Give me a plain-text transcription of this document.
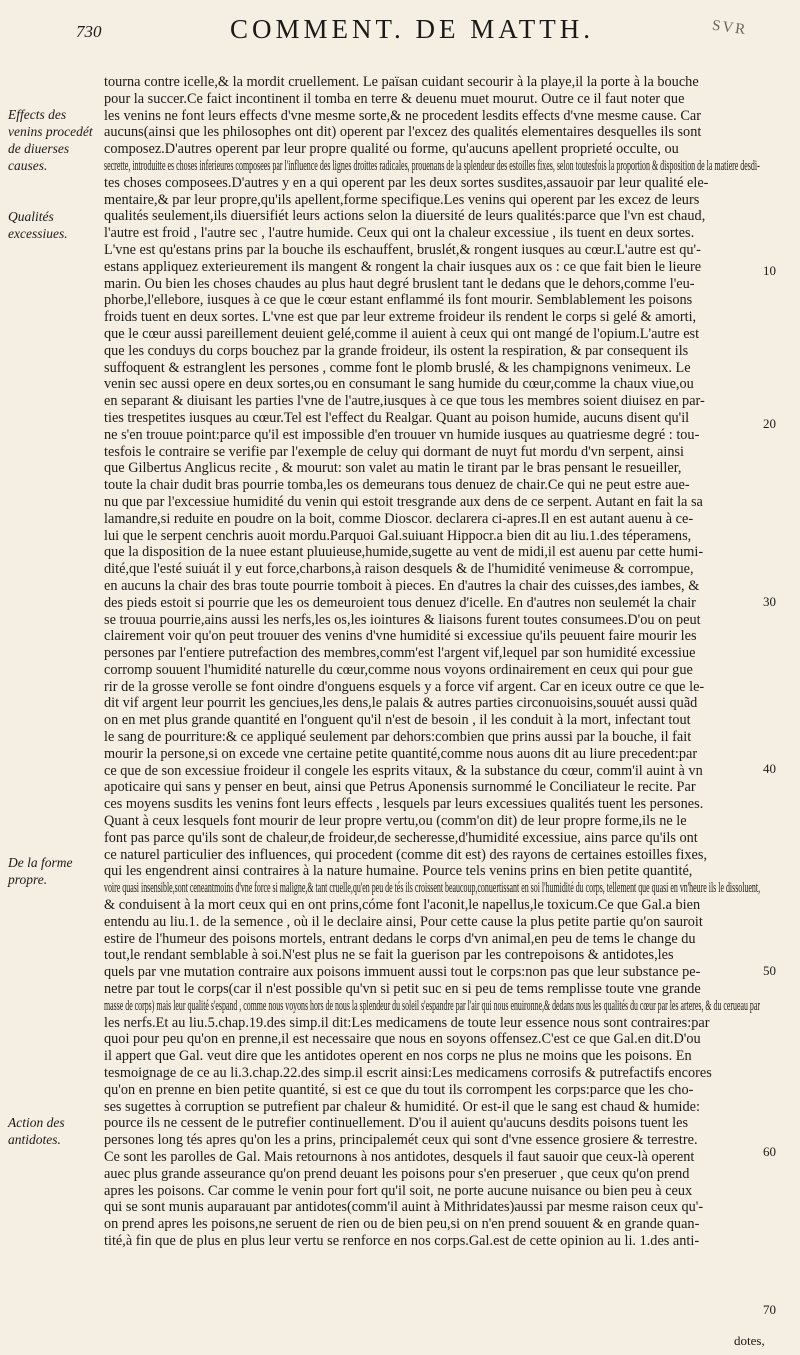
730	COMMENT. DE MATTH.	SVR
Effects des venins procedét de diuerses causes.
Qualités excessiues.
De la forme propre.
Action des antidotes.
10
20
30
40
50
60
70
tourna contre icelle,& la mordit cruellement. Le païsan cuidant secourir à la playe,il la porte à la bouche
pour la succer.Ce faict incontinent il tomba en terre & deuenu muet mourut. Outre ce il faut noter que
les venins ne font leurs effects d'vne mesme sorte,& ne procedent lesdits effects d'vne mesme cause. Car
aucuns(ainsi que les philosophes ont dit) operent par l'excez des qualités elementaires desquelles ils sont
composez.D'autres operent par leur propre qualité ou forme, qu'aucuns apellent proprieté occulte, ou
secrette, introduitte es choses inferieures composees par l'influence des lignes droittes radicales, prouenans de la splendeur des estoilles fixes, selon toutesfois la proportion & disposition de la matiere desdi-
tes choses composees.D'autres y en a qui operent par les deux sortes susdites,assauoir par leur qualité ele-
mentaire,& par leur propre,qu'ils apellent,forme specifique.Les venins qui operent par les excez de leurs
qualités seulement,ils diuersifiét leurs actions selon la diuersité de leurs qualités:parce que l'vn est chaud,
l'autre est froid , l'autre sec , l'autre humide. Ceux qui ont la chaleur excessiue , ils tuent en deux sortes.
L'vne est qu'estans prins par la bouche ils eschauffent, bruslét,& rongent iusques au cœur.L'autre est qu'-
estans appliquez exterieurement ils mangent & rongent la chair iusques aux os : ce que fait bien le lieure
marin. Ou bien les choses chaudes au plus haut degré bruslent tant le dedans que le dehors,comme l'eu-
phorbe,l'ellebore, iusques à ce que le cœur estant enflammé ils font mourir. Semblablement les poisons
froids tuent en deux sortes. L'vne est que par leur extreme froideur ils rendent le corps si gelé & amorti,
que le cœur aussi pareillement deuient gelé,comme il auient à ceux qui ont mangé de l'opium.L'autre est
que les conduys du corps bouchez par la grande froideur, ils ostent la respiration, & par consequent ils
suffoquent & estranglent les persones , comme font le plomb bruslé, & les champignons venimeux. Le
venin sec aussi opere en deux sortes,ou en consumant le sang humide du cœur,comme la chaux viue,ou
en separant & diuisant les parties l'vne de l'autre,iusques à ce que tous les membres soient diuisez en par-
ties trespetites iusques au cœur.Tel est l'effect du Realgar. Quant au poison humide, aucuns disent qu'il
ne s'en trouue point:parce qu'il est impossible d'en trouuer vn humide iusques au quatriesme degré : tou-
tesfois le contraire se verifie par l'exemple de celuy qui dormant de nuyt fut mordu d'vn serpent, ainsi
que Gilbertus Anglicus recite , & mourut: son valet au matin le tirant par le bras pensant le resueiller,
toute la chair dudit bras pourrie tomba,les os demeurans tous denuez de chair.Ce qui ne peut estre aue-
nu que par l'excessiue humidité du venin qui estoit tresgrande aux dens de ce serpent. Autant en fait la sa
lamandre,si reduite en poudre on la boit, comme Dioscor. declarera ci-apres.Il en est autant auenu à ce-
lui que le serpent cenchris auoit mordu.Parquoi Gal.suiuant Hippocr.a bien dit au liu.1.des téperamens,
que la disposition de la nuee estant pluuieuse,humide,sugette au vent de midi,il est auenu par cette humi-
dité,que l'esté suiuát il y eut force,charbons,à raison desquels & de l'humidité venimeuse & corrompue,
en aucuns la chair des bras toute pourrie tomboit à pieces. En d'autres la chair des cuisses,des iambes, &
des pieds estoit si pourrie que les os demeuroient tous denuez d'icelle. En d'autres non seulemét la chair
se trouua pourrie,ains aussi les nerfs,les os,les iointures & liaisons furent toutes consumees.D'ou on peut
clairement voir qu'on peut trouuer des venins d'vne humidité si excessiue qu'ils peuuent faire mourir les
persones par l'entiere putrefaction des membres,comm'est l'argent vif,lequel par son humidité excessiue
corromp souuent l'humidité naturelle du cœur,comme nous voyons ordinairement en ceux qui pour gue
rir de la grosse verolle se font oindre d'onguens esquels y a force vif argent. Car en iceux outre ce que le-
dit vif argent leur pourrit les genciues,les dens,le palais & autres parties circonuoisins,souuét aussi quãd
on en met plus grande quantité en l'onguent qu'il n'est de besoin , il les conduit à la mort, infectant tout
le sang de pourriture:& ce appliqué seulement par dehors:combien que prins aussi par la bouche, il fait
mourir la persone,si on excede vne certaine petite quantité,comme nous auons dit au liure precedent:par
ce que de son excessiue froideur il congele les esprits vitaux, & la substance du cœur, comm'il auint à vn
apoticaire qui sans y penser en beut, ainsi que Petrus Aponensis surnommé le Conciliateur le recite. Par
ces moyens susdits les venins font leurs effects , lesquels par leurs excessiues qualités tuent les persones.
Quant à ceux lesquels font mourir de leur propre vertu,ou (comm'on dit) de leur propre forme,ils ne le
font pas parce qu'ils sont de chaleur,de froideur,de secheresse,d'humidité excessiue, ains parce qu'ils ont
ce naturel particulier des influences, qui procedent (comme dit est) des rayons de certaines estoilles fixes,
qui les engendrent ainsi contraires à la nature humaine. Pource tels venins prins en bien petite quantité,
voire quasi insensible,sont ceneantmoins d'vne force si maligne,& tant cruelle,qu'en peu de tés ils croissent beaucoup,conuertissant en soi l'humidité du corps, tellement que quasi en vn'heure ils le dissoluent,
& conduisent à la mort ceux qui en ont prins,cóme font l'aconit,le napellus,le toxicum.Ce que Gal.a bien
entendu au liu.1. de la semence , où il le declaire ainsi, Pour cette cause la plus petite partie qu'on sauroit
estire de l'humeur des poisons mortels, entrant dedans le corps d'vn animal,en peu de tems le change du
tout,le rendant semblable à soi.N'est plus ne se fait la guerison par les contrepoisons & antidotes,les
quels par vne mutation contraire aux poisons immuent aussi tout le corps:non pas que leur substance pe-
netre par tout le corps(car il n'est possible qu'vn si petit suc en si peu de tems remplisse toute vne grande
masse de corps) mais leur qualité s'espand , comme nous voyons hors de nous la splendeur du soleil s'espandre par l'air qui nous enuironne,& dedans nous les qualités du cœur par les arteres, & du cerueau par
les nerfs.Et au liu.5.chap.19.des simp.il dit:Les medicamens de toute leur essence nous sont contraires:par
quoi pour peu qu'on en prenne,il est necessaire que nous en soyons offensez.C'est ce que Gal.en dit.D'ou
il appert que Gal. veut dire que les antidotes operent en nos corps ne plus ne moins que les poisons. En
tesmoignage de ce au li.3.chap.22.des simp.il escrit ainsi:Les medicamens corrosifs & putrefactifs encores
qu'on en prenne en bien petite quantité, si est ce que du tout ils corrompent les corps:parce que les cho-
ses sugettes à corruption se putrefient par chaleur & humidité. Or est-il que le sang est chaud & humide:
pource ils ne cessent de le putrefier continuellement. D'ou il auient qu'aucuns desdits poisons tuent les
persones long tés apres qu'on les a prins, principalemét ceux qui sont d'vne essence grosiere & terrestre.
Ce sont les parolles de Gal. Mais retournons à nos antidotes, desquels il faut sauoir que ceux-là operent
auec plus grande asseurance qu'on prend deuant les poisons pour s'en preseruer , que ceux qu'on prend
apres les poisons. Car comme le venin pour fort qu'il soit, ne porte aucune nuisance ou bien peu à ceux
qui se sont munis auparauant par antidotes(comm'il auint à Mithridates)aussi par mesme raison ceux qu'-
on prend apres les poisons,ne seruent de rien ou de bien peu,si on n'en prend souuent & en grande quan-
tité,à fin que de plus en plus leur vertu se renforce en nos corps.Gal.est de cette opinion au li. 1.des anti-
dotes,
